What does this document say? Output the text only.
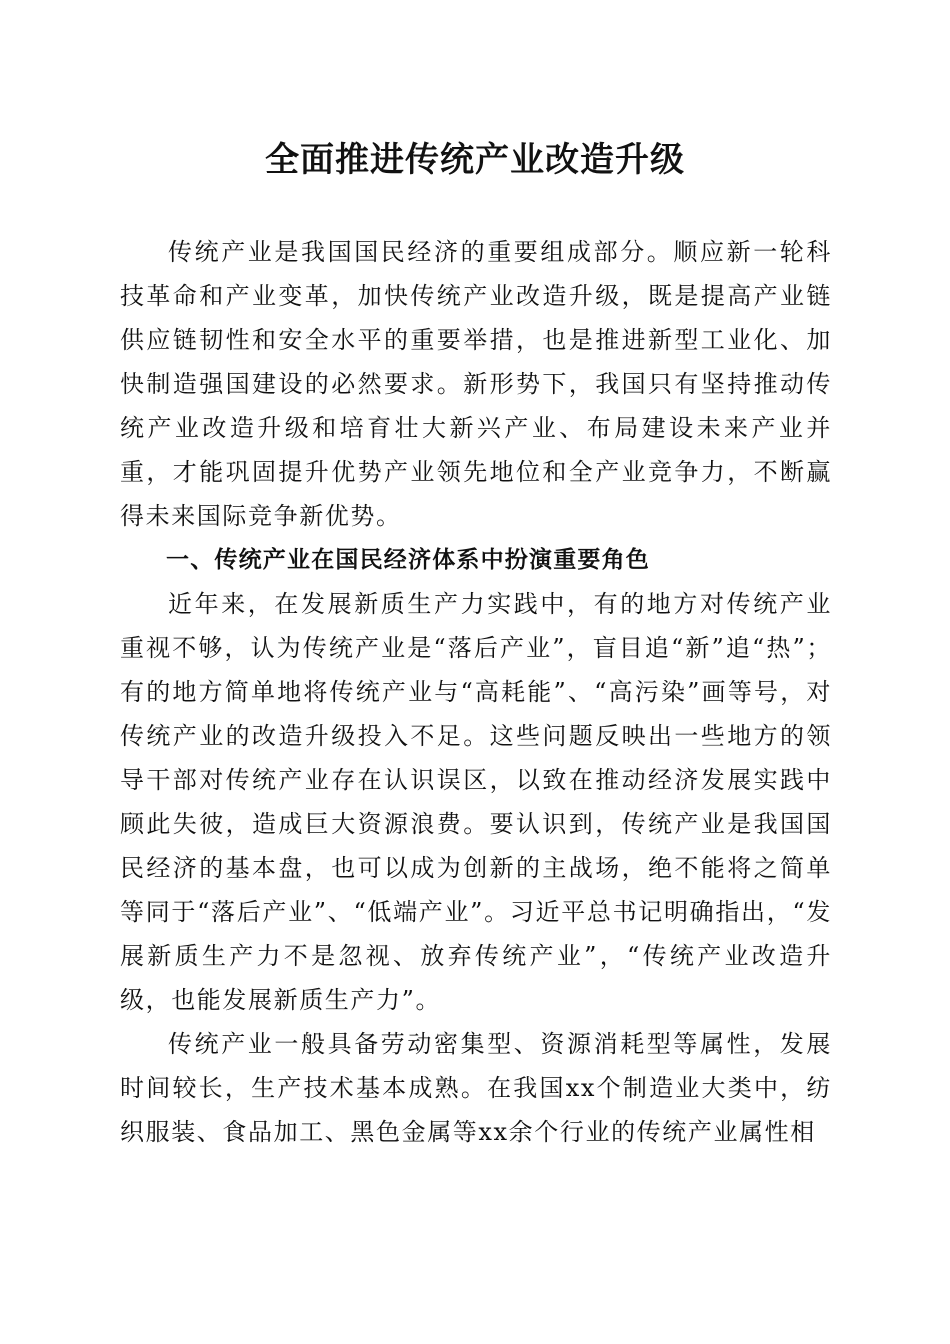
全面推进传统产业改造升级

传统产业是我国国民经济的重要组成部分。顺应新一轮科技革命和产业变革，加快传统产业改造升级，既是提高产业链供应链韧性和安全水平的重要举措，也是推进新型工业化、加快制造强国建设的必然要求。新形势下，我国只有坚持推动传统产业改造升级和培育壮大新兴产业、布局建设未来产业并重，才能巩固提升优势产业领先地位和全产业竞争力，不断赢得未来国际竞争新优势。

一、传统产业在国民经济体系中扮演重要角色

近年来，在发展新质生产力实践中，有的地方对传统产业重视不够，认为传统产业是“落后产业”，盲目追“新”追“热”；有的地方简单地将传统产业与“高耗能”、“高污染”画等号，对传统产业的改造升级投入不足。这些问题反映出一些地方的领导干部对传统产业存在认识误区，以致在推动经济发展实践中顾此失彼，造成巨大资源浪费。要认识到，传统产业是我国国民经济的基本盘，也可以成为创新的主战场，绝不能将之简单等同于“落后产业”、“低端产业”。习近平总书记明确指出，“发展新质生产力不是忽视、放弃传统产业”，“传统产业改造升级，也能发展新质生产力”。

传统产业一般具备劳动密集型、资源消耗型等属性，发展时间较长，生产技术基本成熟。在我国xx个制造业大类中，纺织服装、食品加工、黑色金属等xx余个行业的传统产业属性相
